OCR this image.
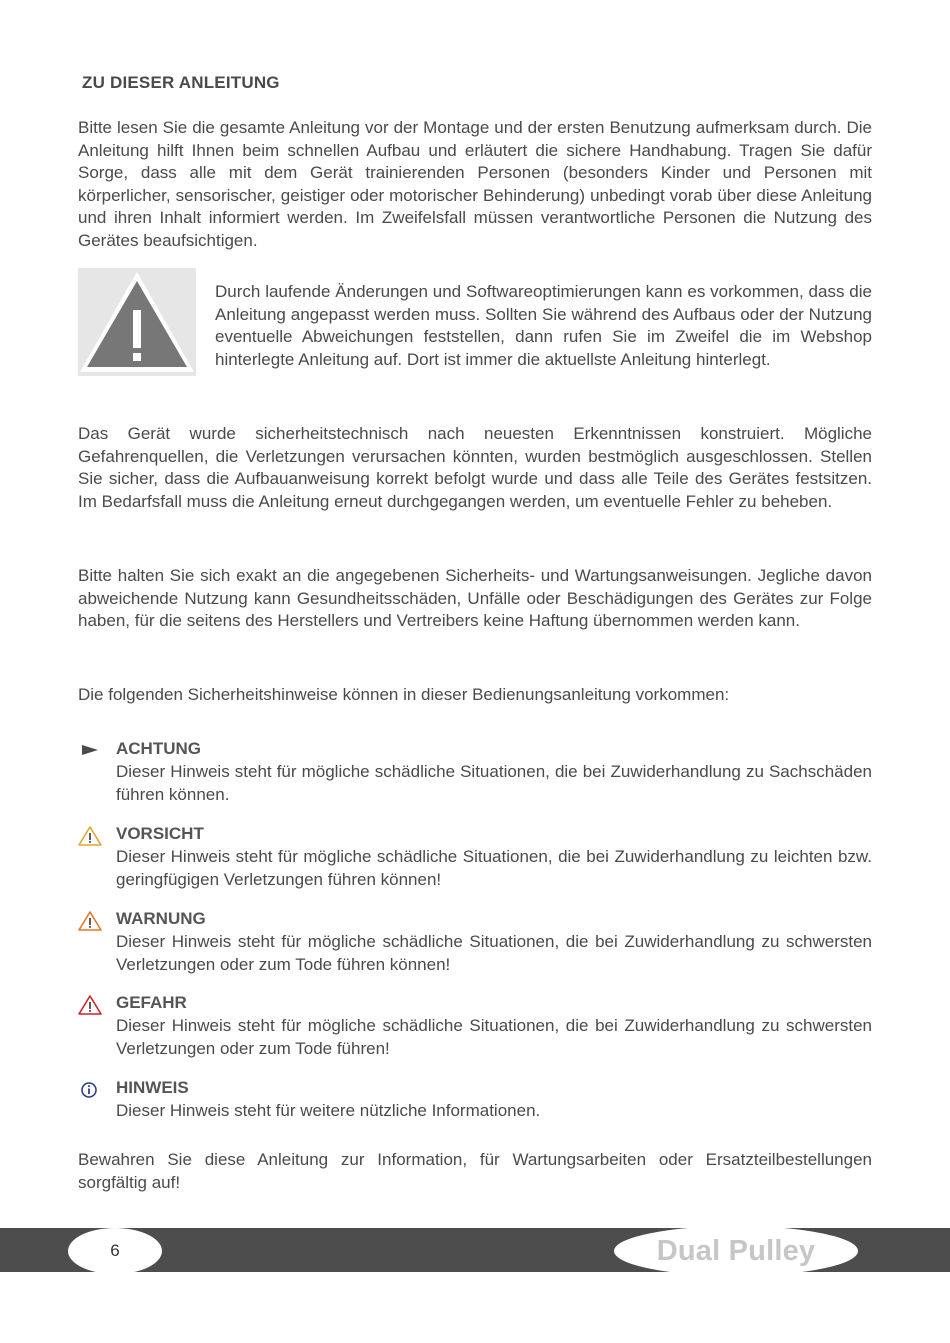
ZU DIESER ANLEITUNG

Bitte lesen Sie die gesamte Anleitung vor der Montage und der ersten Benutzung aufmerksam durch. Die Anleitung hilft Ihnen beim schnellen Aufbau und erläutert die sichere Handhabung. Tragen Sie dafür Sorge, dass alle mit dem Gerät trainierenden Personen (besonders Kinder und Personen mit körperlicher, sensorischer, geistiger oder motorischer Behinderung) unbedingt vorab über diese Anleitung und ihren Inhalt informiert werden. Im Zweifelsfall müssen verantwortliche Personen die Nutzung des Gerätes beaufsichtigen.

Durch laufende Änderungen und Softwareoptimierungen kann es vorkommen, dass die Anleitung angepasst werden muss. Sollten Sie während des Aufbaus oder der Nutzung eventuelle Abweichungen feststellen, dann rufen Sie im Zweifel die im Webshop hinterlegte Anleitung auf. Dort ist immer die aktuellste Anleitung hinterlegt.

Das Gerät wurde sicherheitstechnisch nach neuesten Erkenntnissen konstruiert. Mögliche Gefahrenquellen, die Verletzungen verursachen könnten, wurden bestmöglich ausgeschlossen. Stellen Sie sicher, dass die Aufbauanweisung korrekt befolgt wurde und dass alle Teile des Gerätes festsitzen. Im Bedarfsfall muss die Anleitung erneut durchgegangen werden, um eventuelle Fehler zu beheben.

Bitte halten Sie sich exakt an die angegebenen Sicherheits- und Wartungsanweisungen. Jegliche davon abweichende Nutzung kann Gesundheitsschäden, Unfälle oder Beschädigungen des Gerätes zur Folge haben, für die seitens des Herstellers und Vertreibers keine Haftung übernommen werden kann.

Die folgenden Sicherheitshinweise können in dieser Bedienungsanleitung vorkommen:

ACHTUNG

Dieser Hinweis steht für mögliche schädliche Situationen, die bei Zuwiderhandlung zu Sachschäden führen können.

VORSICHT

Dieser Hinweis steht für mögliche schädliche Situationen, die bei Zuwiderhandlung zu leichten bzw. geringfügigen Verletzungen führen können!

WARNUNG

Dieser Hinweis steht für mögliche schädliche Situationen, die bei Zuwiderhandlung zu schwersten Verletzungen oder zum Tode führen können!

GEFAHR

Dieser Hinweis steht für mögliche schädliche Situationen, die bei Zuwiderhandlung zu schwersten Verletzungen oder zum Tode führen!

HINWEIS

Dieser Hinweis steht für weitere nützliche Informationen.

Bewahren Sie diese Anleitung zur Information, für Wartungsarbeiten oder Ersatzteilbestellungen sorgfältig auf!

6	Dual Pulley
